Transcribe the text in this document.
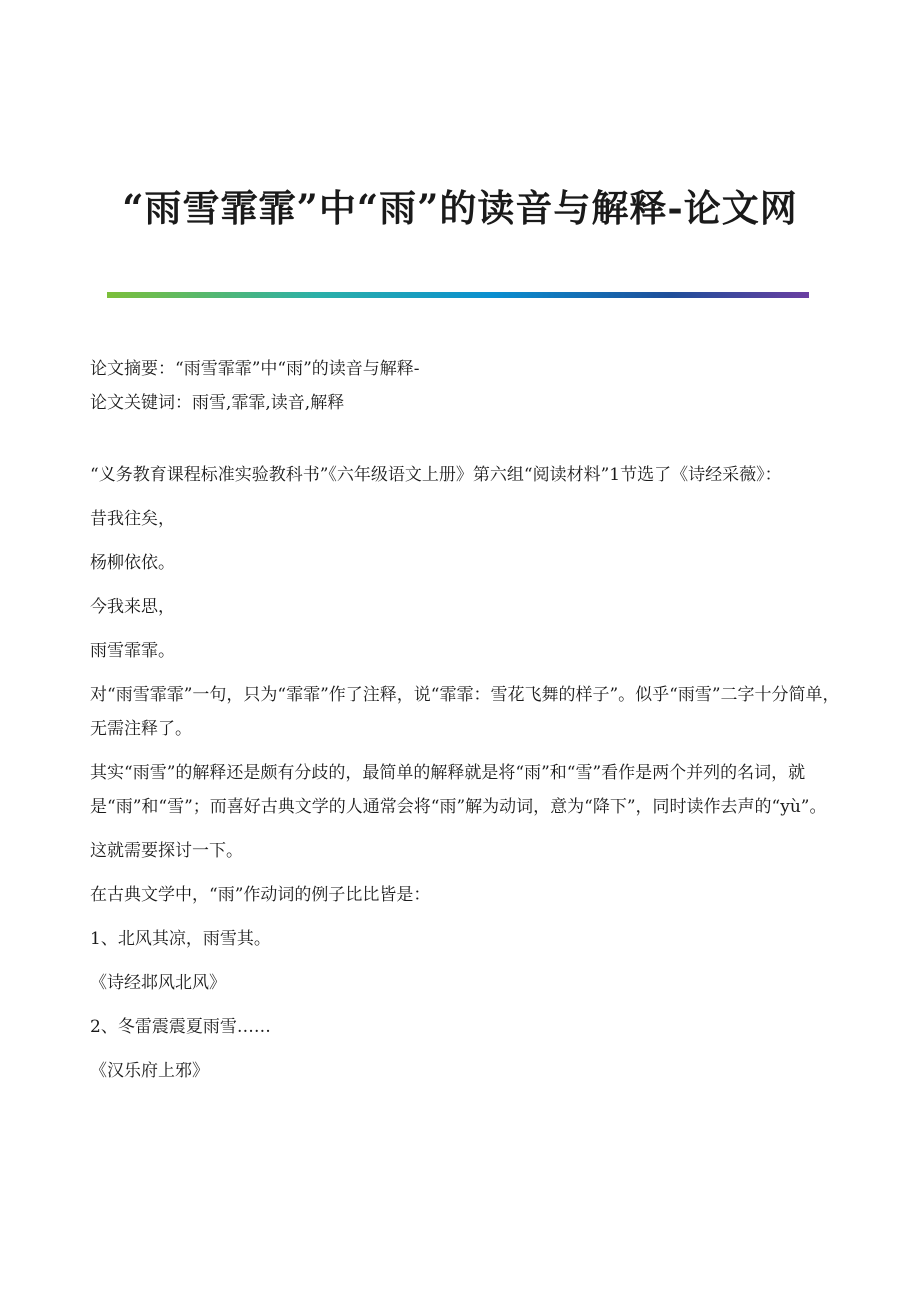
“雨雪霏霏”中“雨”的读音与解释-论文网

论文摘要：“雨雪霏霏”中“雨”的读音与解释-

论文关键词：雨雪,霏霏,读音,解释

“义务教育课程标准实验教科书”《六年级语文上册》第六组“阅读材料”1节选了《诗经采薇》：

昔我往矣，

杨柳依依。

今我来思，

雨雪霏霏。

对“雨雪霏霏”一句，只为“霏霏”作了注释，说“霏霏：雪花飞舞的样子”。似乎“雨雪”二字十分简单，无需注释了。

其实“雨雪”的解释还是颇有分歧的，最简单的解释就是将“雨”和“雪”看作是两个并列的名词，就是“雨”和“雪”；而喜好古典文学的人通常会将“雨”解为动词，意为“降下”，同时读作去声的“yù”。

这就需要探讨一下。

在古典文学中，“雨”作动词的例子比比皆是：

1、北风其凉，雨雪其。

《诗经邶风北风》

2、冬雷震震夏雨雪……

《汉乐府上邪》
